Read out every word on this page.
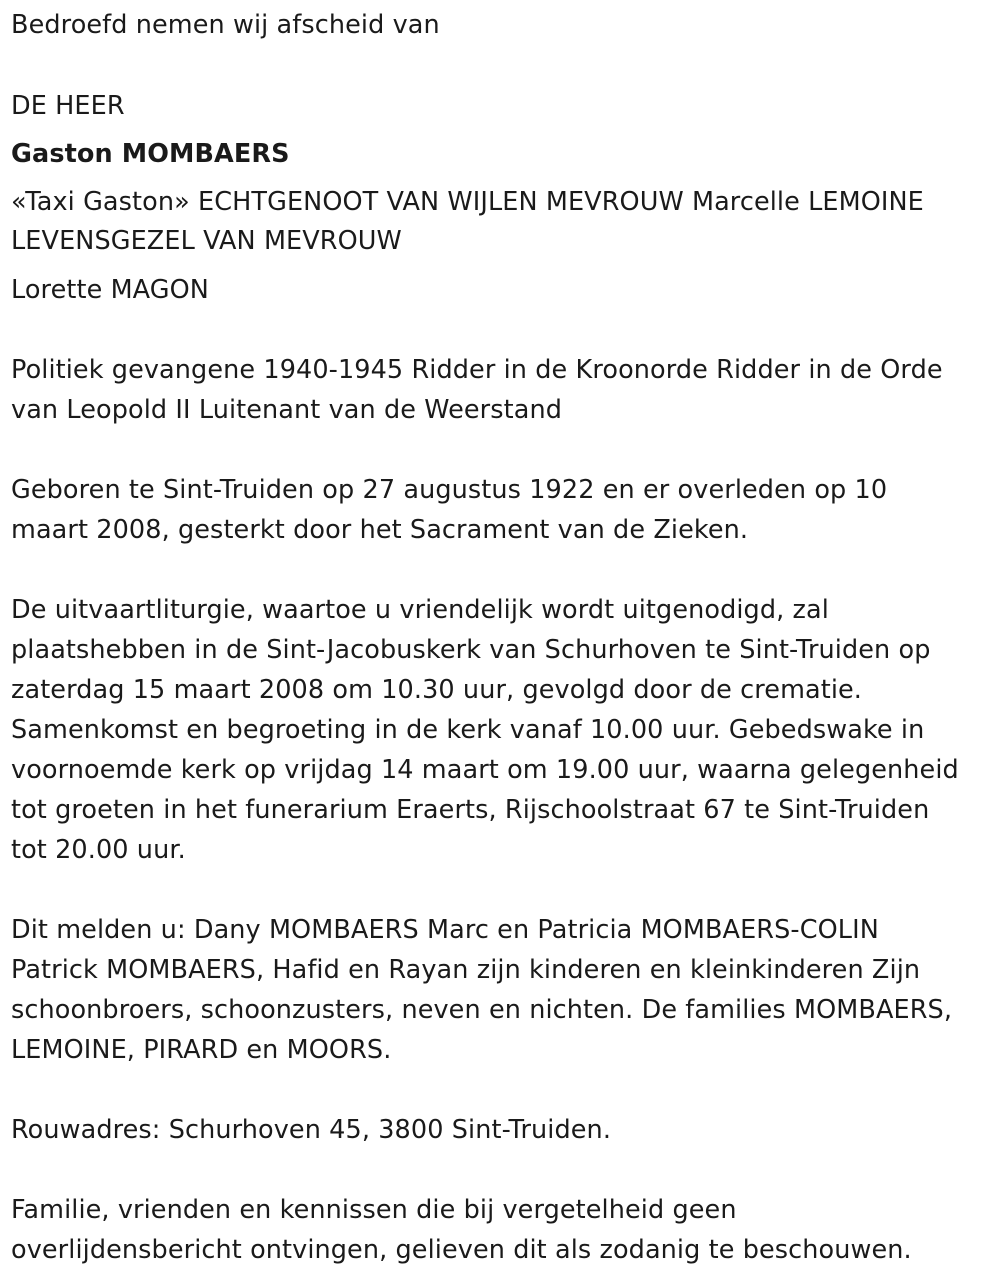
Bedroefd nemen wij afscheid van
DE HEER
Gaston MOMBAERS
«Taxi Gaston» ECHTGENOOT VAN WIJLEN MEVROUW Marcelle LEMOINE
LEVENSGEZEL VAN MEVROUW
Lorette MAGON
Politiek gevangene 1940-1945 Ridder in de Kroonorde Ridder in de Orde
van Leopold II Luitenant van de Weerstand
Geboren te Sint-Truiden op 27 augustus 1922 en er overleden op 10
maart 2008, gesterkt door het Sacrament van de Zieken.
De uitvaartliturgie, waartoe u vriendelijk wordt uitgenodigd, zal
plaatshebben in de Sint-Jacobuskerk van Schurhoven te Sint-Truiden op
zaterdag 15 maart 2008 om 10.30 uur, gevolgd door de crematie.
Samenkomst en begroeting in de kerk vanaf 10.00 uur. Gebedswake in
voornoemde kerk op vrijdag 14 maart om 19.00 uur, waarna gelegenheid
tot groeten in het funerarium Eraerts, Rijschoolstraat 67 te Sint-Truiden
tot 20.00 uur.
Dit melden u: Dany MOMBAERS Marc en Patricia MOMBAERS-COLIN
Patrick MOMBAERS, Hafid en Rayan zijn kinderen en kleinkinderen Zijn
schoonbroers, schoonzusters, neven en nichten. De families MOMBAERS,
LEMOINE, PIRARD en MOORS.
Rouwadres: Schurhoven 45, 3800 Sint-Truiden.
Familie, vrienden en kennissen die bij vergetelheid geen
overlijdensbericht ontvingen, gelieven dit als zodanig te beschouwen.
